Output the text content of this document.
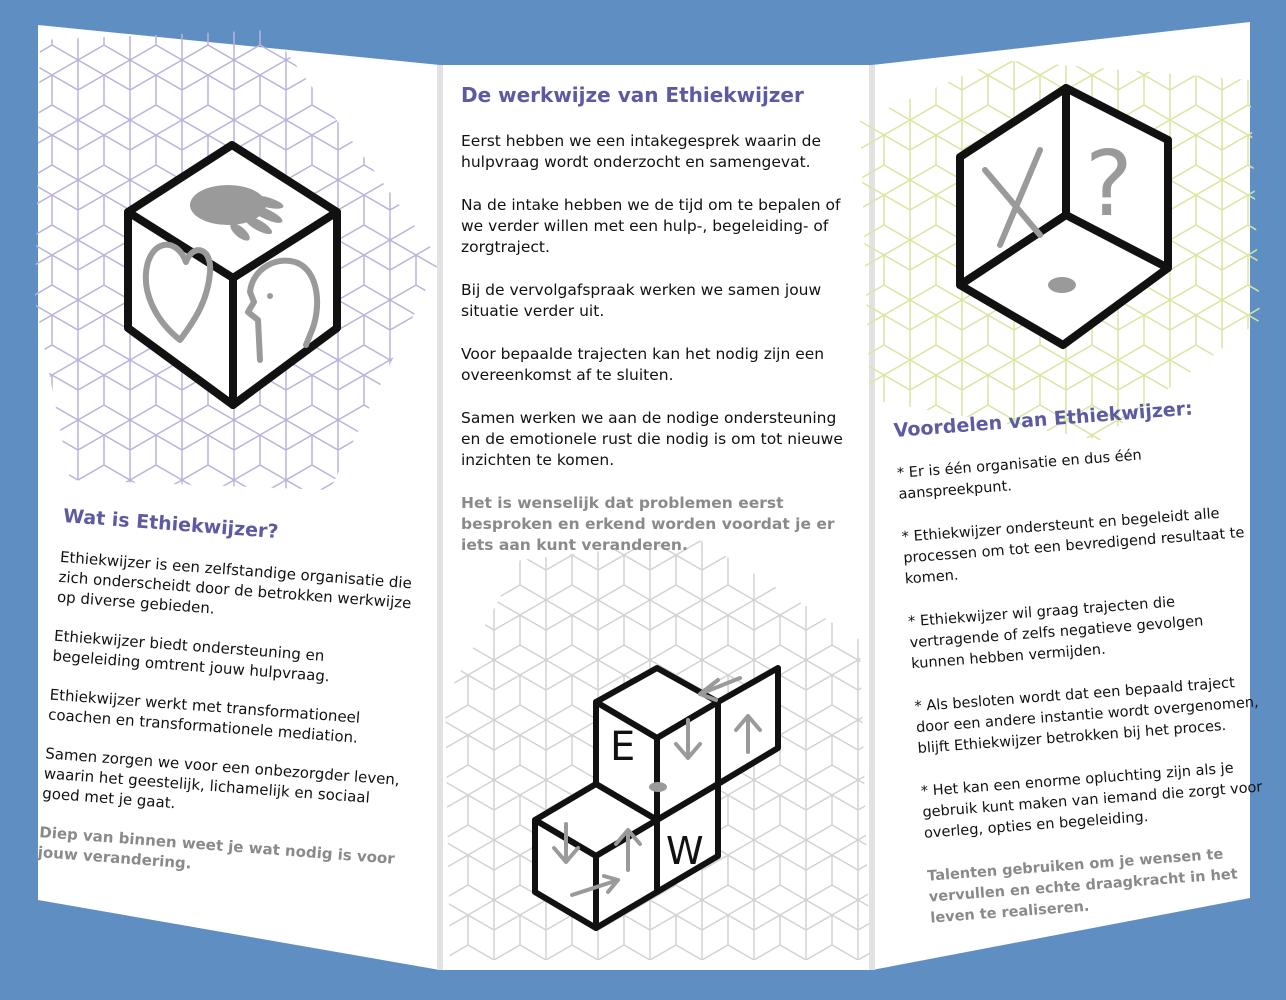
E
W
?
Wat is Ethiekwijzer?

Ethiekwijzer is een zelfstandige organisatie die zich onderscheidt door de betrokken werkwijze op diverse gebieden.

Ethiekwijzer biedt ondersteuning en begeleiding omtrent jouw hulpvraag.

Ethiekwijzer werkt met transformationeel coachen en transformationele mediation.

Samen zorgen we voor een onbezorgder leven, waarin het geestelijk, lichamelijk en sociaal goed met je gaat.

Diep van binnen weet je wat nodig is voor jouw verandering.

De werkwijze van Ethiekwijzer

Eerst hebben we een intakegesprek waarin de hulpvraag wordt onderzocht en samengevat.

Na de intake hebben we de tijd om te bepalen of we verder willen met een hulp-, begeleiding- of zorgtraject.

Bij de vervolgafspraak werken we samen jouw situatie verder uit.

Voor bepaalde trajecten kan het nodig zijn een overeenkomst af te sluiten.

Samen werken we aan de nodige ondersteuning en de emotionele rust die nodig is om tot nieuwe inzichten te komen.

Het is wenselijk dat problemen eerst besproken en erkend worden voordat je er iets aan kunt veranderen.

Voordelen van Ethiekwijzer:

* Er is één organisatie en dus één aanspreekpunt.

* Ethiekwijzer ondersteunt en begeleidt alle processen om tot een bevredigend resultaat te komen.

* Ethiekwijzer wil graag trajecten die vertragende of zelfs negatieve gevolgen kunnen hebben vermijden.

* Als besloten wordt dat een bepaald traject door een andere instantie wordt overgenomen, blijft Ethiekwijzer betrokken bij het proces.

* Het kan een enorme opluchting zijn als je gebruik kunt maken van iemand die zorgt voor overleg, opties en begeleiding.

Talenten gebruiken om je wensen te vervullen en echte draagkracht in het leven te realiseren.
